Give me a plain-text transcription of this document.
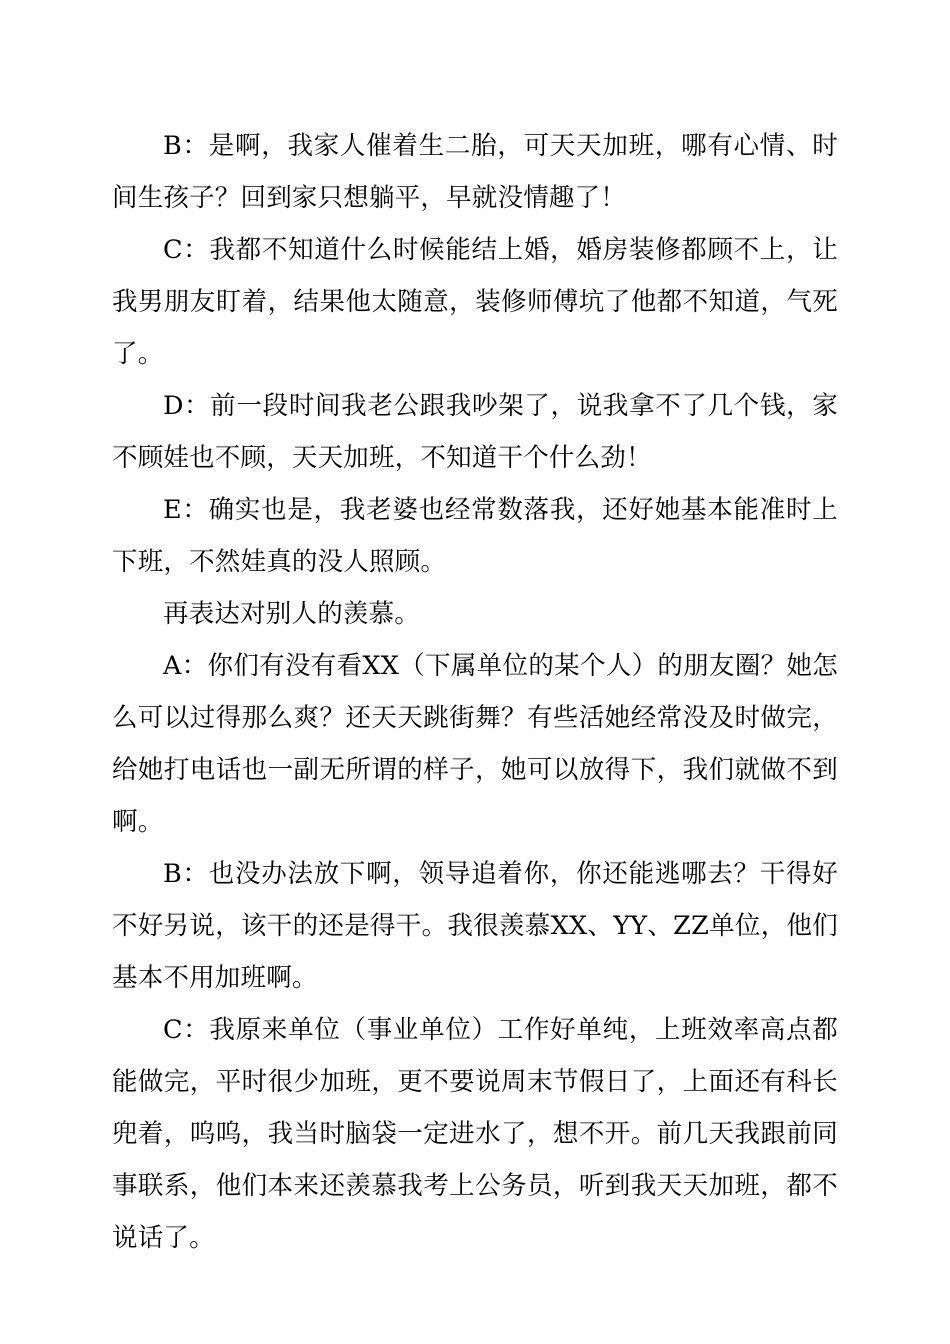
B：是啊，我家人催着生二胎，可天天加班，哪有心情、时间生孩子？回到家只想躺平，早就没情趣了！

C：我都不知道什么时候能结上婚，婚房装修都顾不上，让我男朋友盯着，结果他太随意，装修师傅坑了他都不知道，气死了。

D：前一段时间我老公跟我吵架了，说我拿不了几个钱，家不顾娃也不顾，天天加班，不知道干个什么劲！

E：确实也是，我老婆也经常数落我，还好她基本能准时上下班，不然娃真的没人照顾。

再表达对别人的羡慕。

A：你们有没有看XX（下属单位的某个人）的朋友圈？她怎么可以过得那么爽？还天天跳街舞？有些活她经常没及时做完，给她打电话也一副无所谓的样子，她可以放得下，我们就做不到啊。

B：也没办法放下啊，领导追着你，你还能逃哪去？干得好不好另说，该干的还是得干。我很羡慕XX、YY、ZZ单位，他们基本不用加班啊。

C：我原来单位（事业单位）工作好单纯，上班效率高点都能做完，平时很少加班，更不要说周末节假日了，上面还有科长兜着，呜呜，我当时脑袋一定进水了，想不开。前几天我跟前同事联系，他们本来还羡慕我考上公务员，听到我天天加班，都不说话了。
